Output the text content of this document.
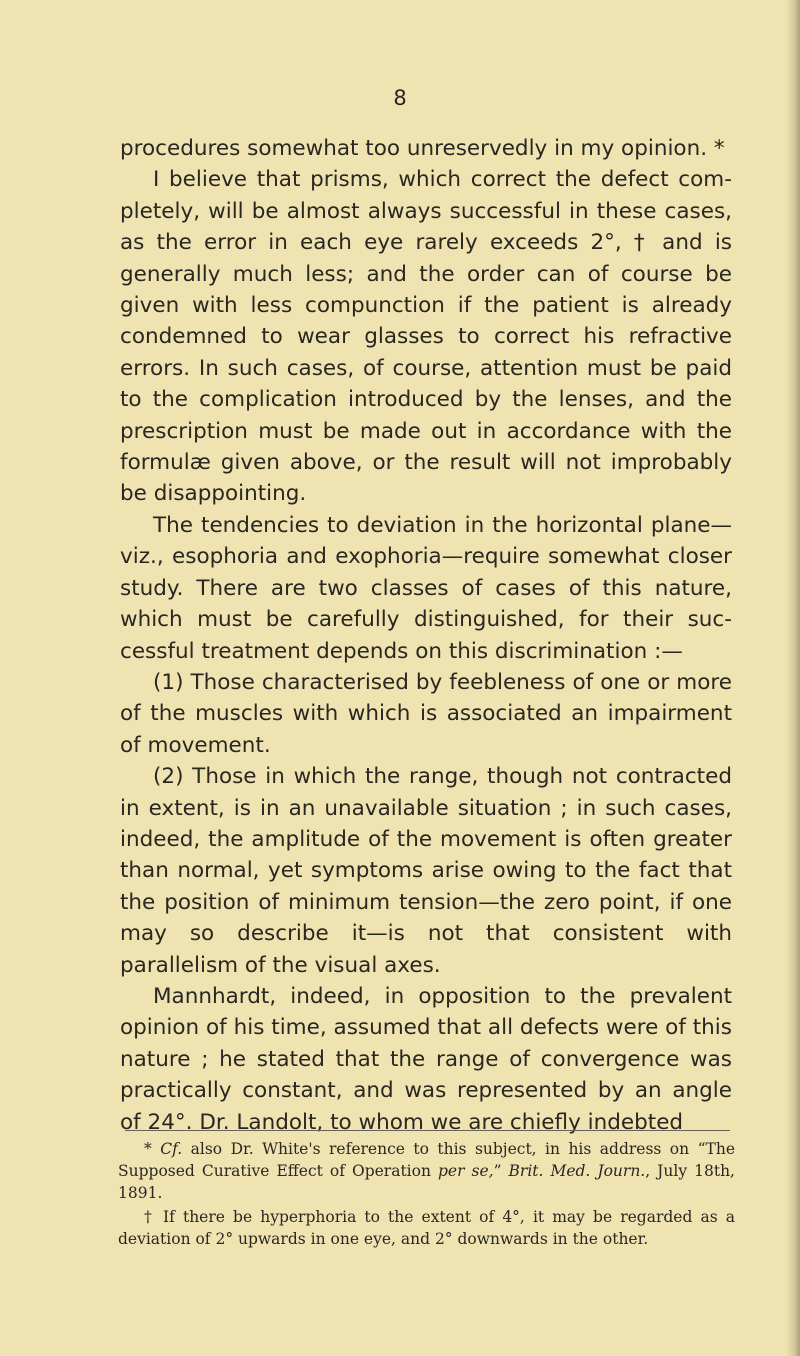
8

procedures somewhat too unreservedly in my opinion. *

I believe that prisms, which correct the defect com- pletely, will be almost always successful in these cases, as the error in each eye rarely exceeds 2°, † and is generally much less; and the order can of course be given with less compunction if the patient is already condemned to wear glasses to correct his refractive errors. In such cases, of course, attention must be paid to the complication introduced by the lenses, and the prescription must be made out in accordance with the formulæ given above, or the result will not improbably be disappointing.

The tendencies to deviation in the horizontal plane—viz., esophoria and exophoria—require somewhat closer study. There are two classes of cases of this nature, which must be carefully distinguished, for their suc- cessful treatment depends on this discrimination :—

(1) Those characterised by feebleness of one or more of the muscles with which is associated an impairment of movement.

(2) Those in which the range, though not contracted in extent, is in an unavailable situation ; in such cases, indeed, the amplitude of the movement is often greater than normal, yet symptoms arise owing to the fact that the position of minimum tension—the zero point, if one may so describe it—is not that consistent with parallelism of the visual axes.

Mannhardt, indeed, in opposition to the prevalent opinion of his time, assumed that all defects were of this nature ; he stated that the range of convergence was practically constant, and was represented by an angle of 24°. Dr. Landolt, to whom we are chiefly indebted

* Cf. also Dr. White's reference to this subject, in his address on “The Supposed Curative Effect of Operation per se,” Brit. Med. Journ., July 18th, 1891.

† If there be hyperphoria to the extent of 4°, it may be regarded as a deviation of 2° upwards in one eye, and 2° downwards in the other.
